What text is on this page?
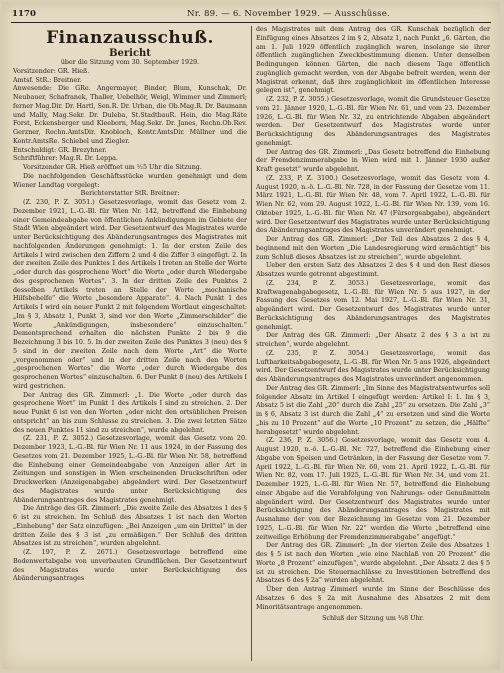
1170	Nr. 89. — 6. November 1929. — Ausschüsse.
Finanzausschuß.
Bericht

über die Sitzung vom 30. September 1929.

Vorsitzender: GR. Hieß.

Amtsf. StR.: Breitner.

Anwesende: Die GRe. Angermayer, Binder, Blum, Kunschak, Dr. Neubauer, Schafranek, Thaller, Uebelhör, Weigl, Wimmer und Zimmerl; ferner Mag.Dir. Dr. Hartl, Sen.R. Dr. Urban, die Ob.Mag.R. Dr. Baumann und Mally, Mag.Sekr. Dr. Duleba, St.StadtbauR. Hein, die Mag.Räte Forst, Eckensberger und Kleeborn, Mag.Sekr. Dr. Janes, Rechn.Ob.Rev. Gerzner, Rechn.AmtsDir. Knobloch, Kontr.AmtsDir. Müllner und die Kontr.AmtsRe. Schiebel und Ziegler.

Entschuldigt: GR. Brezyhner.

Schriftführer: Mag.R. Dr. Leppa.

Vorsitzender GR. Hieß eröffnet um ½5 Uhr die Sitzung.

Die nachfolgenden Geschäftsstücke wurden genehmigt und dem Wiener Landtag vorgelegt:

Berichterstatter StR. Breitner:

(Z. 230, P. Z. 3051.) Gesetzesvorlage, womit das Gesetz vom 2. Dezember 1921, L.-G.-Bl. für Wien Nr. 142, betreffend die Einhebung einer Gemeindeabgabe von öffentlichen Ankündigungen im Gebiete der Stadt Wien abgeändert wird. Der Gesetzentwurf des Magistrates wurde unter Berücksichtigung des Abänderungsantrages des Magistrates mit nachfolgenden Änderungen genehmigt: 1. In der ersten Zeile des Artikels I wird zwischen den Ziffern 2 und 4 die Ziffer 3 eingefügt. 2. In der zweiten Zeile des Punktes 1 des Artikels I treten an Stelle der Worte „oder durch das gesprochene Wort“ die Worte „oder durch Wiedergabe des gesprochenen Wortes“. 3. In der dritten Zeile des Punktes 2 desselben Artikels treten an Stelle der Worte „mechanische Hilfsbehelfe“ die Worte „besondere Apparate“. 4. Nach Punkt 1 des Artikels I wird ein neuer Punkt 2 mit folgendem Wortlaut eingeschaltet: „Im § 3, Absatz 1, Punkt 3, sind vor den Worte „Zimmerschilder“ die Worte „Ankündigungen, insbesondere“ einzuschalten.“ Dementsprechend erhalten die nächsten Punkte 2 bis 9 die Bezeichnung 3 bis 10. 5. In der zweiten Zeile des Punktes 3 (neu) des § 5 sind in der zweiten Zeile nach dem Worte „Art“ die Worte „vorgenommen oder“ und in der dritten Zeile nach den Worten „gesprochenen Wortes“ die Worte „oder durch Wiedergabe des gesprochenen Wortes“ einzuschalten. 6. Der Punkt 8 (neu) des Artikels I wird gestrichen.

Der Antrag des GR. Zimmerl: „1. Die Worte „oder durch das gesprochene Wort“ im Punkt 1 des Artikels I sind zu streichen. 2. Der neue Punkt 6 ist von den Worten „oder nicht den ortsüblichen Preisen entspricht“ an bis zum Schlusse zu streichen. 3. Die zwei letzten Sätze des neuen Punktes 11 sind zu streichen“, wurde abgelehnt.

(Z. 231, P. Z. 3052.) Gesetzesvorlage, womit das Gesetz vom 20. Dezember 1923, L.-G.-Bl. für Wien Nr. 11 aus 1924, in der Fassung des Gesetzes vom 21. Dezember 1925, L.-G.-Bl. für Wien Nr. 58, betreffend die Einhebung einer Gemeindeabgabe von Anzeigen aller Art in Zeitungen und sonstigen in Wien erscheinenden Druckschriften oder Druckwerken (Anzeigenabgabe) abgeändert wird. Der Gesetzentwurf des Magistrates wurde unter Berücksichtigung des Abänderungsantrages des Magistrates genehmigt.

Die Anträge des GR. Zimmerl: „Die zweite Zeile des Absatzes 1 des § 6 ist zu streichen. Im Schluß des Absatzes 1 ist nach den Worten „Einhebung“ der Satz einzufügen: „Bei Anzeigen „um ein Drittel“ in der dritten Zeile des § 3 ist „zu ermäßigen.“ Der Schluß des dritten Absatzes ist zu streichen“, wurden abgelehnt.

(Z. 197, P. Z. 2671.) Gesetzesvorlage betreffend eine Bodenwertabgabe von unverbauten Grundflächen. Der Gesetzentwurf des Magistrates wurde unter Berücksichtigung des Abänderungsantrages

des Magistrates mit dem Antrag des GR. Kunschak bezüglich der Einfügung eines Absatzes 2 im § 2, Absatz 1, nach Punkt „6. Gärten, die am 1. Juli 1929 öffentlich zugänglich waren, insolange sie ihrer öffentlich zugänglichen Zweckbestimmung dienen. Unter denselben Bedingungen können Gärten, die nach diesem Tage öffentlich zugänglich gemacht werden, von der Abgabe befreit werden, wenn der Magistrat erkennt, daß ihre zugänglichkeit im öffentlichen Interesse gelegen ist“, genehmigt.

(Z. 232, P. Z. 3055.) Gesetzesvorlage, womit die Grundsteuer Gesetze vom 21. Jänner 1920, L.-G.-Bl. für Wien Nr. 61, und vom 23. Dezember 1926, L.-G.-Bl. für Wien Nr. 32, zu entrichtende Abgaben abgeändert werden. Der Gesetzentwurf des Magistrates wurde unter Berücksichtigung des Abänderungsantrages des Magistrates genehmigt.

Der Antrag des GR. Zimmerl: „Das Gesetz betreffend die Einhebung der Fremdenzimmerabgabe in Wien wird mit 1. Jänner 1930 außer Kraft gesetzt“ wurde abgelehnt.

(Z. 233, P. Z. 3100.) Gesetzesvorlage, womit das Gesetz vom 4. August 1920, n.-ö. L.-G.-Bl. Nr. 728, in der Fassung der Gesetze vom 11. März 1921, L.-G.-Bl. für Wien Nr. 48, vom 7. April 1922, L.-G.-Bl. für Wien Nr. 62, vom 29. August 1922, L.-G.-Bl. für Wien Nr. 139, vom 16. Oktober 1925, L.-G.-Bl. für Wien Nr. 47 (Fürsorgeabgabe), abgeändert wird. Der Gesetzentwurf des Magistrates wurde unter Berücksichtigung des Abänderungsantrages des Magistrates unverändert genehmigt.

Der Antrag des GR. Zimmerl: „Der Teil des Absatzes 2 des § 4, beginnend mit den Worten „Die Landesregierung wird ermächtigt“ bis zum Schluß dieses Absatzes ist zu streichen“, wurde abgelehnt.

Ueber den ersten Satz des Absatzes 2 des § 4 und den Rest dieses Absatzes wurde getrennt abgestimmt.

(Z. 234, P. Z. 3053.) Gesetzesvorlage, womit das Kraftwagenabgabegesetz, L.-G.-Bl. für Wien Nr. 5 aus 1927, in der Fassung des Gesetzes vom 12. Mai 1927, L.-G.-Bl. für Wien Nr. 31, abgeändert wird. Der Gesetzentwurf des Magistrates wurde unter Berücksichtigung des Abänderungsantrages des Magistrates genehmigt.

Der Antrag des GR. Zimmerl: „Der Absatz 2 des § 3 a ist zu streichen“, wurde abgelehnt.

(Z. 235, P. Z. 3054.) Gesetzesvorlage, womit das Luftbarkeitsabgabegesetz, L.-G.-Bl. für Wien Nr. 5 aus 1926, abgeändert wird. Der Gesetzentwurf des Magistrates wurde unter Berücksichtigung des Abänderungsantrages des Magistrates unverändert angenommen.

Der Antrag des GR. Zimmerl: „Im Sinne des Magistratsentwurfes soll folgender Absatz im Artikel I eingefügt werden: Artikel I: 1. Im § 3, Absatz 5 ist die Zahl „20“ durch die Zahl „25“ zu ersetzen. Die Zahl „3“ in § 6, Absatz 3 ist durch die Zahl „4“ zu ersetzen und sind die Worte „bis zu 10 Prozent“ auf die Worte „10 Prozent“ zu setzen, die „Hälfte“ herabgesetzt“ wurde abgelehnt.

(Z. 236, P. Z. 3056.) Gesetzesvorlage, womit das Gesetz vom 4. August 1920, n.-ö. L.-G.-Bl. Nr. 727, betreffend die Einhebung einer Abgabe von Speisen und Getränken, in der Fassung der Gesetze vom 7. April 1922, L.-G.-Bl. für Wien Nr. 60, vom 21. April 1922, L.-G.-Bl. für Wien Nr. 82, vom 17. Juli 1925, L.-G.-Bl. für Wien Nr. 34, und vom 21. Dezember 1925, L.-G.-Bl. für Wien Nr. 57, betreffend die Einhebung einer Abgabe auf die Verabfolgung von Nahrungs- oder Genußmitteln abgeändert wird. Der Gesetzentwurf des Magistrates wurde unter Berücksichtigung des Abänderungsantrages des Magistrates mit Ausnahme der von der Bezeichnung im Gesetze vom 21. Dezember 1925, L.-G.-Bl. für Wien Nr. 22“ werden die Worte „betreffend eine zeitweilige Erhöhung der Fremdenzimmerabgabe“ angefügt.“

Der Antrag des GR. Zimmerl: „In der vierten Zeile des Absatzes 1 des § 5 ist nach den Worten „wie eine Nachlaß von 20 Prozent“ die Worte „8 Prozent“ einzufügen“, wurde abgelehnt. „Der Absatz 2 des § 5 ist zu streichen. Die Steuernachlässe zu Investitionen betreffend des Absatzes 6 des § 2a“ wurden abgelehnt.

Über den Antrag Zimmerl wurde im Sinne der Beschlüsse des Absatzes 6 des § 2a mit Ausnahme des Absatzes 2 mit dem Minoritätsantrage angenommen.

Schluß der Sitzung um ¾8 Uhr.
